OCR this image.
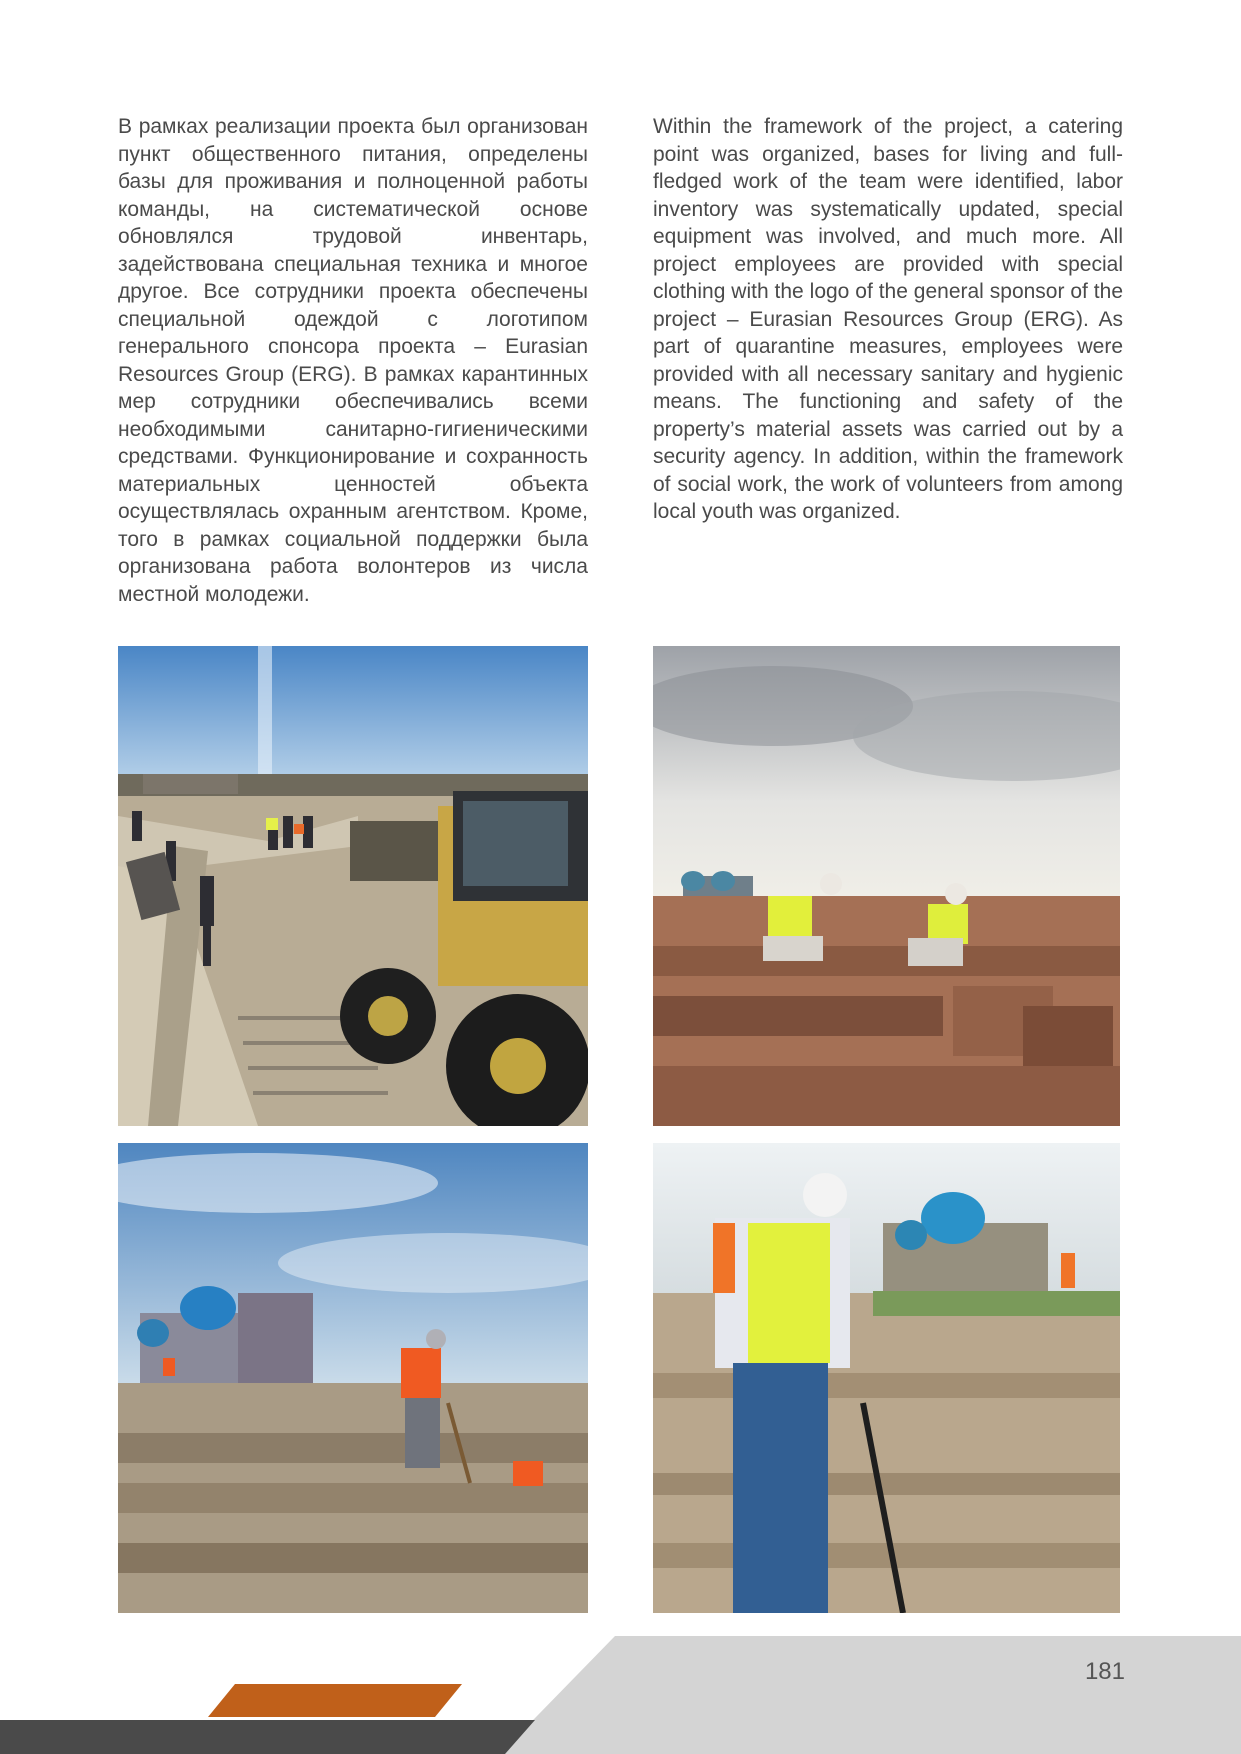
В рамках реализации проекта был организован пункт общественного питания, определены базы для проживания и полноценной работы команды, на систематической основе обновлялся трудовой инвентарь, задействована специальная техника и многое другое. Все сотрудники проекта обеспечены специальной одеждой с логотипом генерального спонсора проекта – Eurasian Resources Group (ERG). В рамках карантинных мер сотрудники обеспечивались всеми необходимыми санитарно-гигиеническими средствами. Функционирование и сохранность материальных ценностей объекта осуществлялась охранным агентством. Кроме, того в рамках социальной поддержки была организована работа волонтеров из числа местной молодежи.

Within the framework of the project, a catering point was organized, bases for living and full-fledged work of the team were identified, labor inventory was systematically updated, special equipment was involved, and much more. All project employees are provided with special clothing with the logo of the general sponsor of the project – Eurasian Resources Group (ERG). As part of quarantine measures, employees were provided with all necessary sanitary and hygienic means. The functioning and safety of the property’s material assets was carried out by a security agency. In addition, within the framework of social work, the work of volunteers from among local youth was organized.

181
